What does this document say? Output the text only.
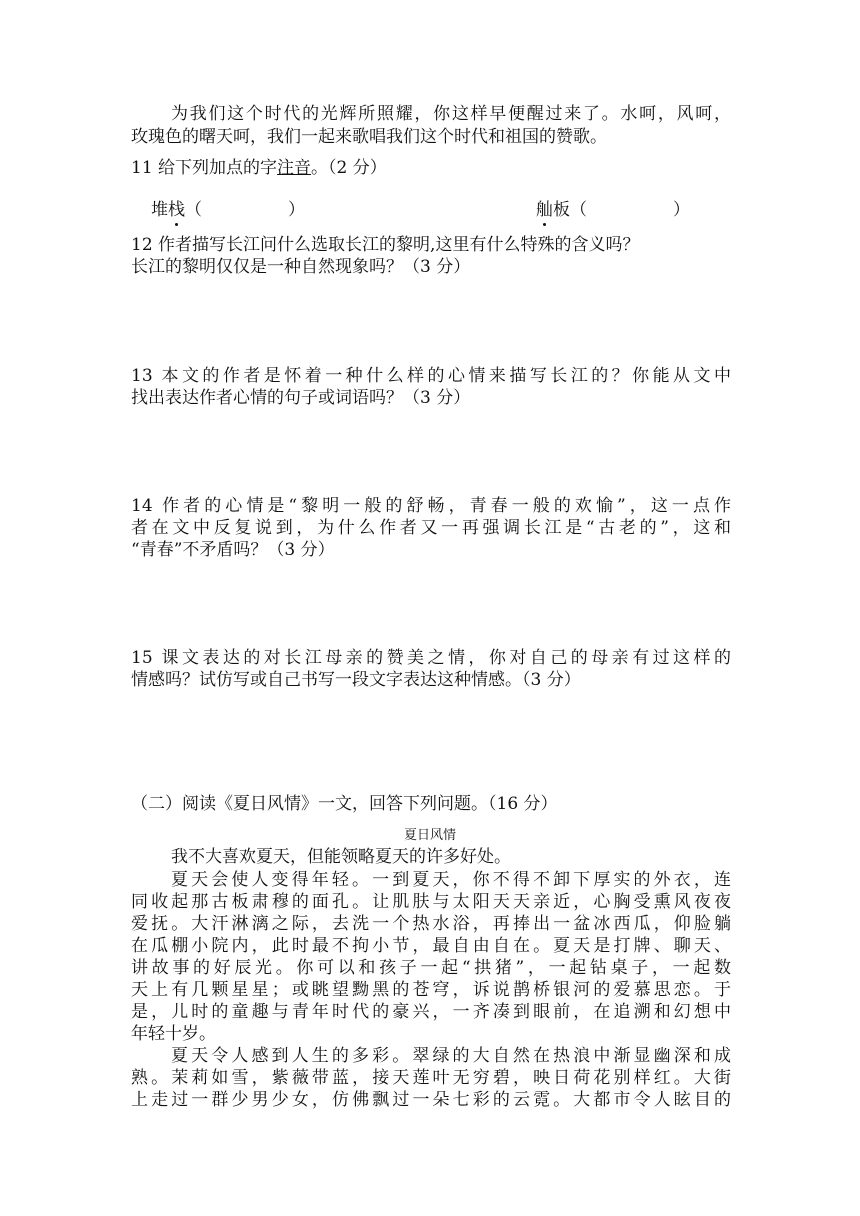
为我们这个时代的光辉所照耀，你这样早便醒过来了。水呵，风呵，
玫瑰色的曙天呵，我们一起来歌唱我们这个时代和祖国的赞歌。
11 给下列加点的字注音。（2 分）
堆栈（	）	舢板（	）
12 作者描写长江问什么选取长江的黎明,这里有什么特殊的含义吗？
长江的黎明仅仅是一种自然现象吗？（3 分）
13 本文的作者是怀着一种什么样的心情来描写长江的？你能从文中
找出表达作者心情的句子或词语吗？（3 分）
14 作者的心情是“黎明一般的舒畅，青春一般的欢愉”，这一点作
者在文中反复说到，为什么作者又一再强调长江是“古老的”，这和
“青春”不矛盾吗？（3 分）
15 课文表达的对长江母亲的赞美之情，你对自己的母亲有过这样的
情感吗？试仿写或自己书写一段文字表达这种情感。（3 分）
（二）阅读《夏日风情》一文，回答下列问题。（16 分）
夏日风情
我不大喜欢夏天，但能领略夏天的许多好处。
夏天会使人变得年轻。一到夏天，你不得不卸下厚实的外衣，连
同收起那古板肃穆的面孔。让肌肤与太阳天天亲近，心胸受熏风夜夜
爱抚。大汗淋漓之际，去洗一个热水浴，再捧出一盆冰西瓜，仰脸躺
在瓜棚小院内，此时最不拘小节，最自由自在。夏天是打牌、聊天、
讲故事的好辰光。你可以和孩子一起“拱猪”，一起钻桌子，一起数
天上有几颗星星；或眺望黝黑的苍穹，诉说鹊桥银河的爱慕思恋。于
是，儿时的童趣与青年时代的豪兴，一齐凑到眼前，在追溯和幻想中
年轻十岁。
夏天令人感到人生的多彩。翠绿的大自然在热浪中渐显幽深和成
熟。茉莉如雪，紫薇带蓝，接天莲叶无穷碧，映日荷花别样红。大街
上走过一群少男少女，仿佛飘过一朵七彩的云霓。大都市令人眩目的
